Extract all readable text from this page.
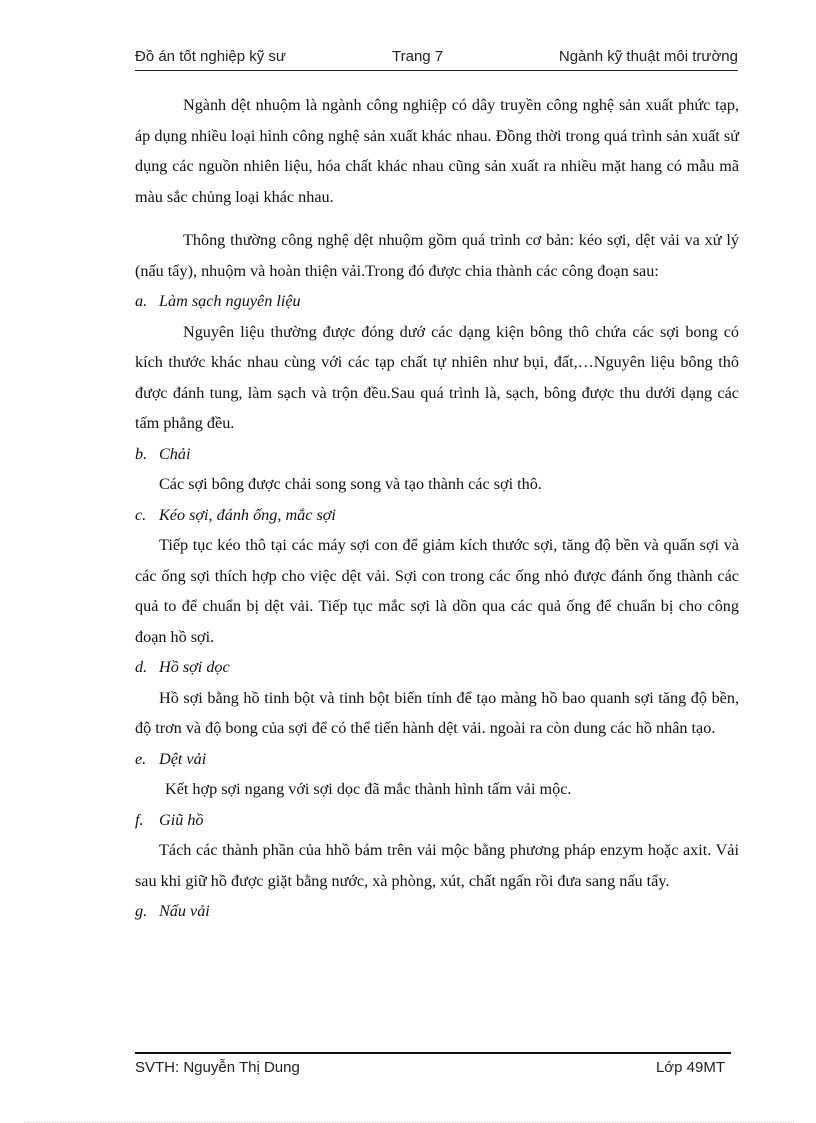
Đồ án tốt nghiệp kỹ sư	Trang 7	Ngành kỹ thuật môi trường

Ngành dệt nhuộm là ngành công nghiệp có dây truyền công nghệ sản xuất phức tạp, áp dụng nhiều loại hình công nghệ sản xuất khác nhau. Đồng thời trong quá trình sản xuất sử dụng các nguồn nhiên liệu, hóa chất khác nhau cũng sản xuất ra nhiều mặt hang có mẫu mã màu sắc chủng loại khác nhau.

Thông thường công nghệ dệt nhuộm gồm quá trình cơ bản: kéo sợi, dệt vải va xử lý (nấu tẩy), nhuộm và hoàn thiện vải.Trong đó được chia thành các công đoạn sau:

a. Làm sạch nguyên liệu

Nguyên liệu thường được đóng dướ các dạng kiện bông thô chứa các sợi bong có kích thước khác nhau cùng với các tạp chất tự nhiên như bụi, đất,…Nguyên liệu bông thô được đánh tung, làm sạch và trộn đều.Sau quá trình là, sạch, bông được thu dưới dạng các tấm phẳng đều.

b. Chải

Các sợi bông được chải song song và tạo thành các sợi thô.

c. Kéo sợi, đánh ống, mắc sợi

Tiếp tục kéo thô tại các máy sợi con để giảm kích thước sợi, tăng độ bền và quấn sợi và các ống sợi thích hợp cho việc dệt vải. Sợi con trong các ống nhỏ được đánh ống thành các quả to để chuẩn bị dệt vải. Tiếp tục mắc sợi là dồn qua các quả ống để chuẩn bị cho công đoạn hồ sợi.

d. Hồ sợi dọc

Hồ sợi bằng hồ tinh bột và tinh bột biến tính để tạo màng hồ bao quanh sợi tăng độ bền, độ trơn và độ bong của sợi để có thể tiến hành dệt vải. ngoài ra còn dung các hồ nhân tạo.

e. Dệt vải

Kết hợp sợi ngang với sợi dọc đã mắc thành hình tấm vải mộc.

f. Giũ hồ

Tách các thành phần của hhồ bám trên vải mộc bằng phương pháp enzym hoặc axit. Vải sau khi giữ hồ được giặt bằng nước, xà phòng, xút, chất ngấn rồi đưa sang nấu tẩy.

g. Nấu vải

SVTH: Nguyễn Thị Dung	Lớp 49MT
